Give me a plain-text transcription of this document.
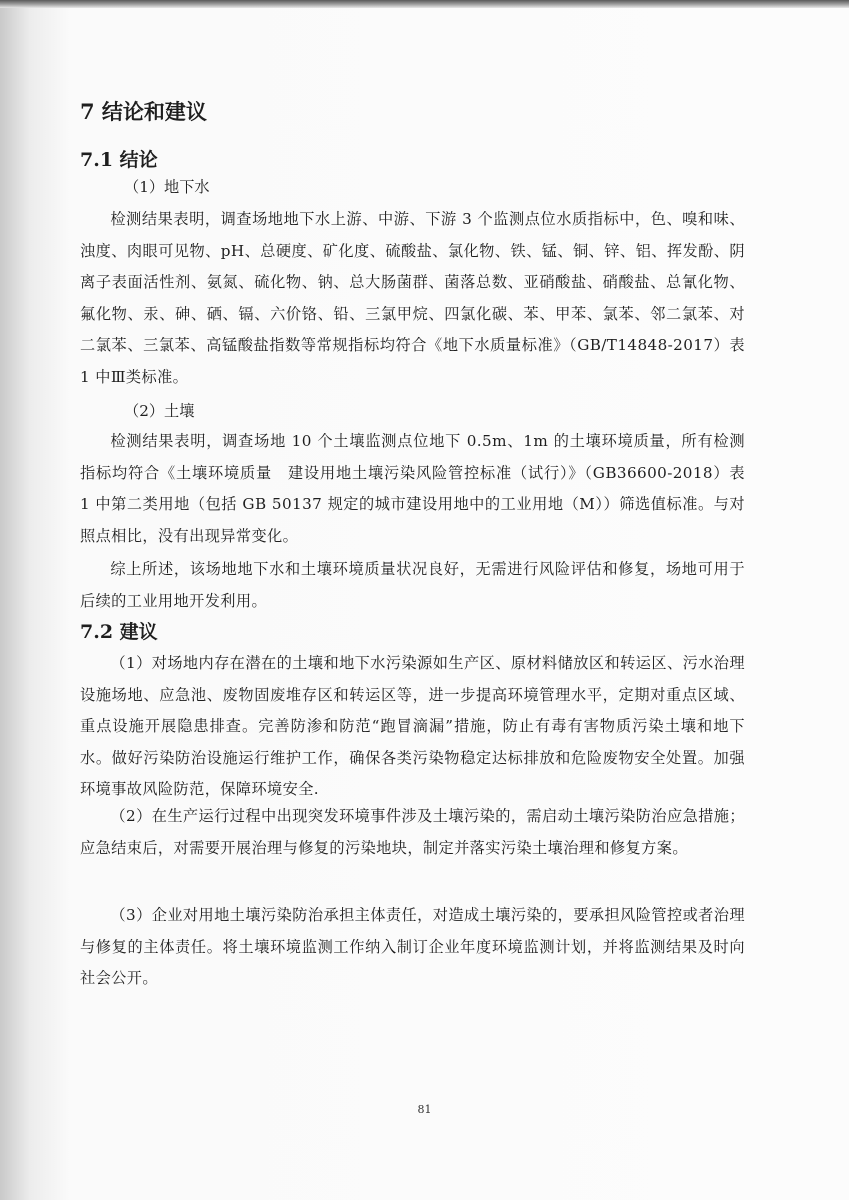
7 结论和建议
7.1 结论
（1）地下水
检测结果表明，调查场地地下水上游、中游、下游 3 个监测点位水质指标中，色、嗅和味、浊度、肉眼可见物、pH、总硬度、矿化度、硫酸盐、氯化物、铁、锰、铜、锌、铝、挥发酚、阴离子表面活性剂、氨氮、硫化物、钠、总大肠菌群、菌落总数、亚硝酸盐、硝酸盐、总氰化物、氟化物、汞、砷、硒、镉、六价铬、铅、三氯甲烷、四氯化碳、苯、甲苯、氯苯、邻二氯苯、对二氯苯、三氯苯、高锰酸盐指数等常规指标均符合《地下水质量标准》（GB/T14848-2017）表 1 中Ⅲ类标准。
（2）土壤
检测结果表明，调查场地 10 个土壤监测点位地下 0.5m、1m 的土壤环境质量，所有检测指标均符合《土壤环境质量　建设用地土壤污染风险管控标准（试行）》（GB36600-2018）表 1 中第二类用地（包括 GB 50137 规定的城市建设用地中的工业用地（M））筛选值标准。与对照点相比，没有出现异常变化。
综上所述，该场地地下水和土壤环境质量状况良好，无需进行风险评估和修复，场地可用于后续的工业用地开发利用。
7.2 建议
（1）对场地内存在潜在的土壤和地下水污染源如生产区、原材料储放区和转运区、污水治理设施场地、应急池、废物固废堆存区和转运区等，进一步提高环境管理水平，定期对重点区域、重点设施开展隐患排查。完善防渗和防范“跑冒滴漏”措施，防止有毒有害物质污染土壤和地下水。做好污染防治设施运行维护工作，确保各类污染物稳定达标排放和危险废物安全处置。加强环境事故风险防范，保障环境安全.
（2）在生产运行过程中出现突发环境事件涉及土壤污染的，需启动土壤污染防治应急措施；应急结束后，对需要开展治理与修复的污染地块，制定并落实污染土壤治理和修复方案。
（3）企业对用地土壤污染防治承担主体责任，对造成土壤污染的，要承担风险管控或者治理与修复的主体责任。将土壤环境监测工作纳入制订企业年度环境监测计划，并将监测结果及时向社会公开。
81
